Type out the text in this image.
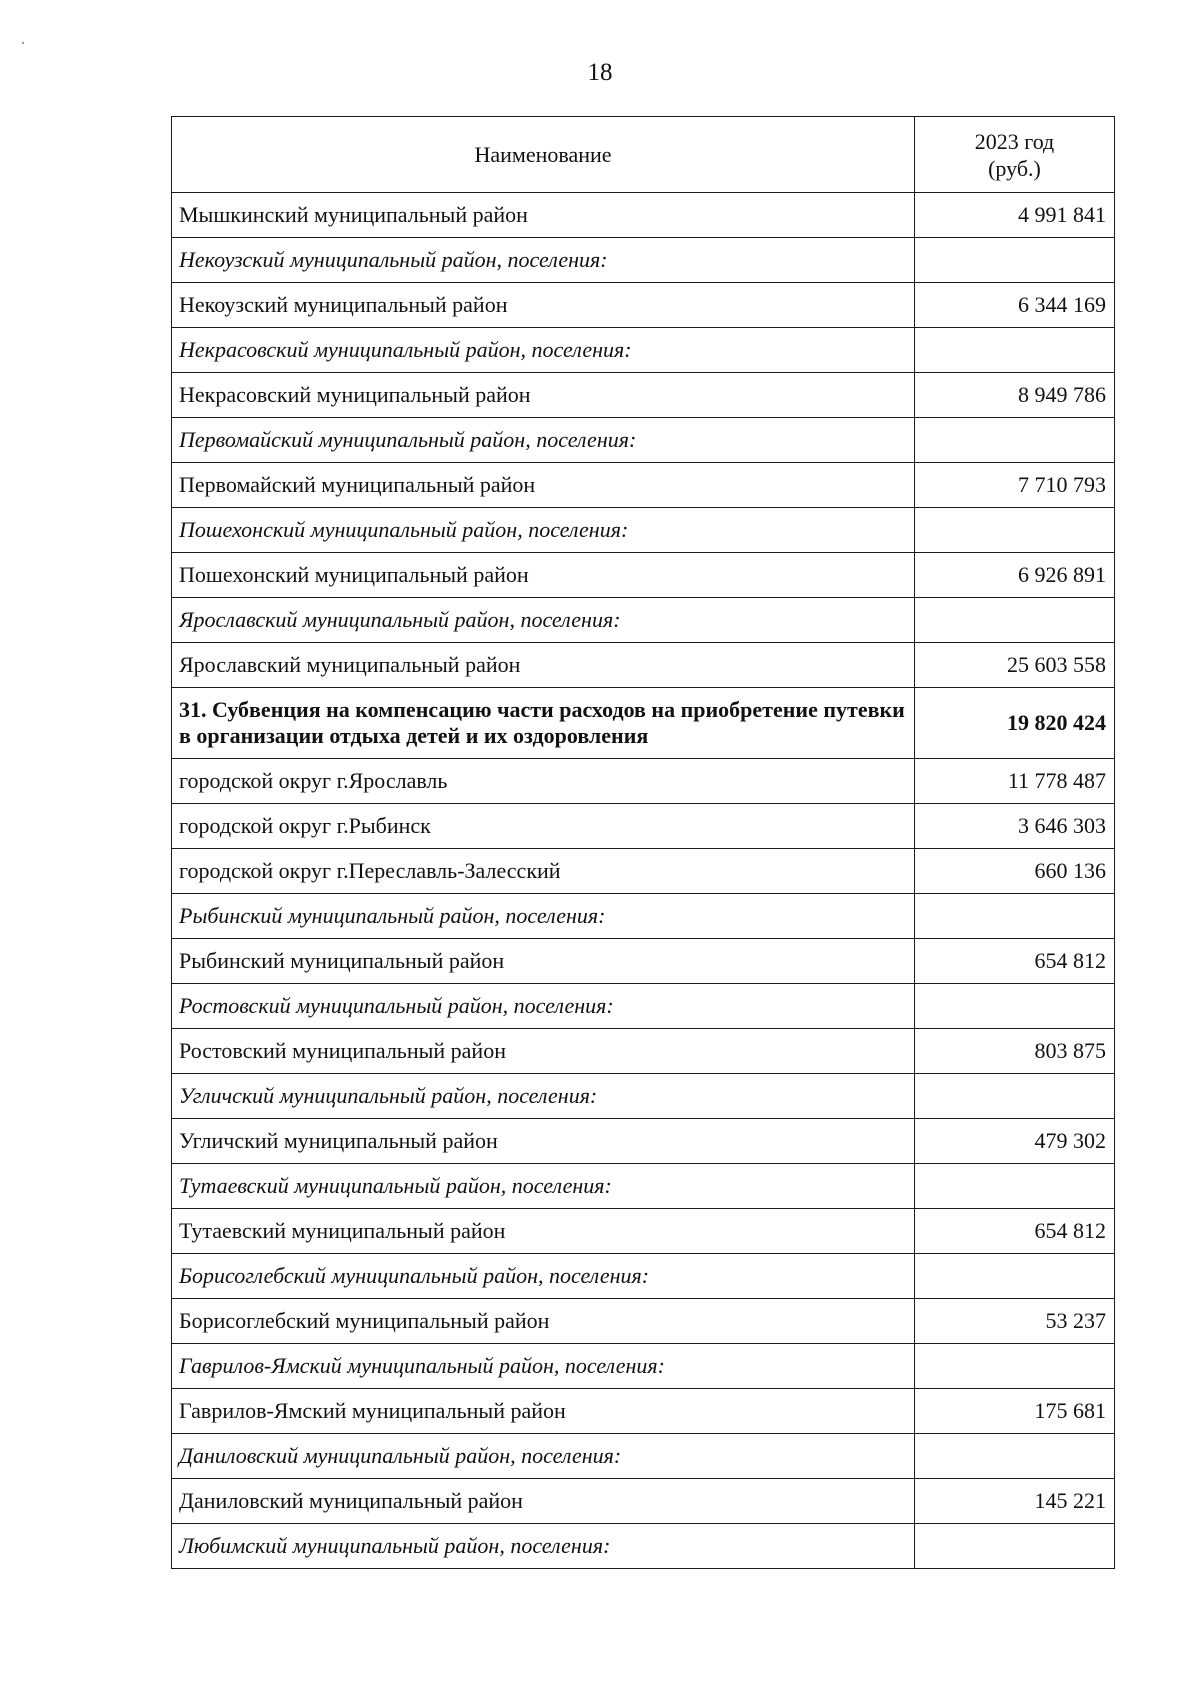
18
Наименование	2023 год
(руб.)
Мышкинский муниципальный район	4 991 841
Некоузский муниципальный район, поселения:	
Некоузский муниципальный район	6 344 169
Некрасовский муниципальный район, поселения:	
Некрасовский муниципальный район	8 949 786
Первомайский муниципальный район, поселения:	
Первомайский муниципальный район	7 710 793
Пошехонский муниципальный район, поселения:	
Пошехонский муниципальный район	6 926 891
Ярославский муниципальный район, поселения:	
Ярославский муниципальный район	25 603 558
31. Субвенция на компенсацию части расходов на приобретение путевки в организации отдыха детей и их оздоровления	19 820 424
городской округ г.Ярославль	11 778 487
городской округ г.Рыбинск	3 646 303
городской округ г.Переславль-Залесский	660 136
Рыбинский муниципальный район, поселения:	
Рыбинский муниципальный район	654 812
Ростовский муниципальный район, поселения:	
Ростовский муниципальный район	803 875
Угличский муниципальный район, поселения:	
Угличский муниципальный район	479 302
Тутаевский муниципальный район, поселения:	
Тутаевский муниципальный район	654 812
Борисоглебский муниципальный район, поселения:	
Борисоглебский муниципальный район	53 237
Гаврилов-Ямский муниципальный район, поселения:	
Гаврилов-Ямский муниципальный район	175 681
Даниловский муниципальный район, поселения:	
Даниловский муниципальный район	145 221
Любимский муниципальный район, поселения:	
